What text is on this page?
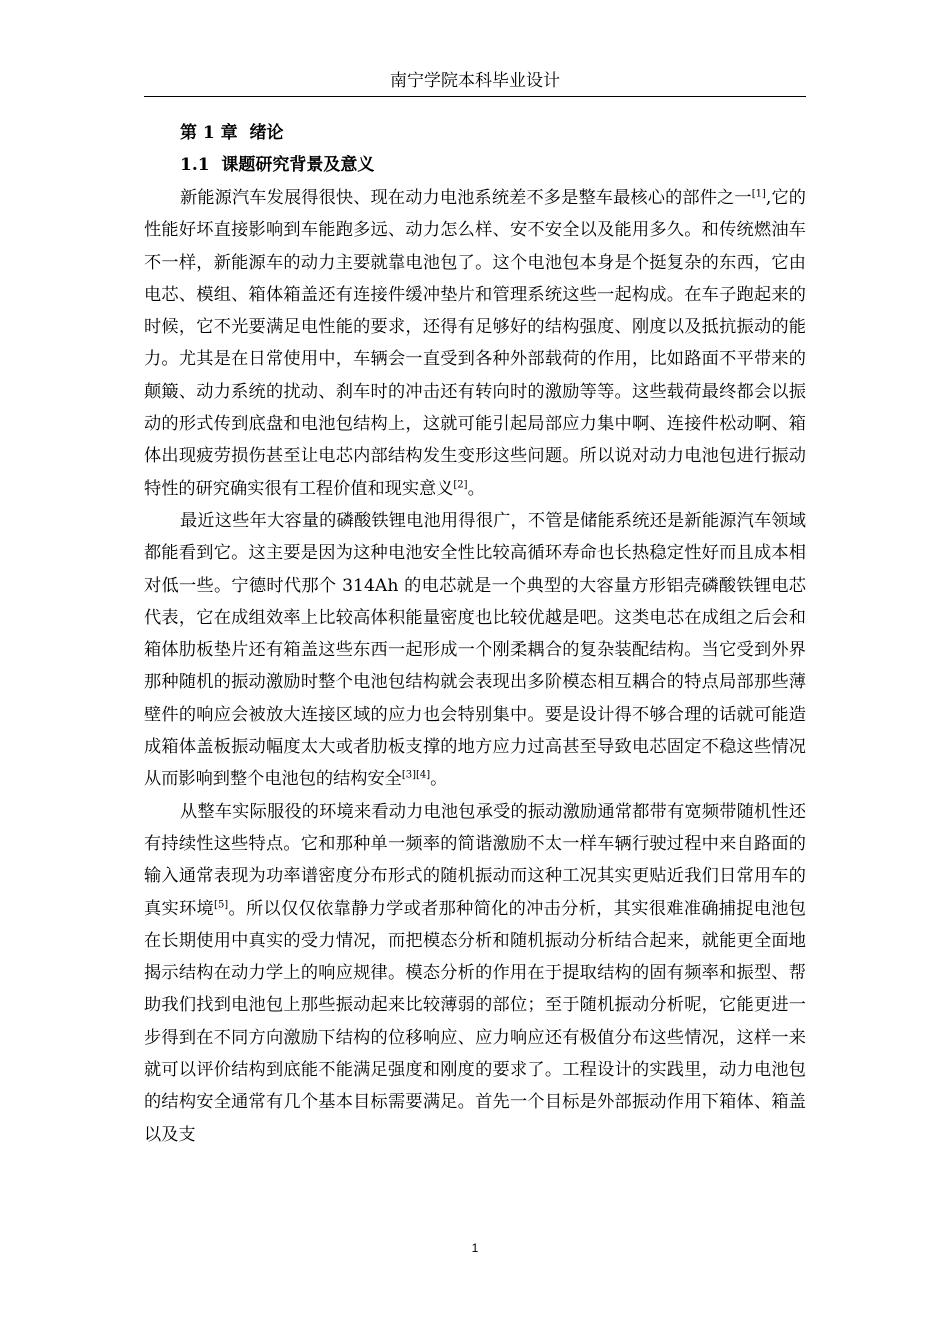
南宁学院本科毕业设计
第 1 章  绪论
1.1  课题研究背景及意义

新能源汽车发展得很快、现在动力电池系统差不多是整车最核心的部件之一[1],它的性能好坏直接影响到车能跑多远、动力怎么样、安不安全以及能用多久。和传统燃油车不一样，新能源车的动力主要就靠电池包了。这个电池包本身是个挺复杂的东西，它由电芯、模组、箱体箱盖还有连接件缓冲垫片和管理系统这些一起构成。在车子跑起来的时候，它不光要满足电性能的要求，还得有足够好的结构强度、刚度以及抵抗振动的能力。尤其是在日常使用中，车辆会一直受到各种外部载荷的作用，比如路面不平带来的颠簸、动力系统的扰动、刹车时的冲击还有转向时的激励等等。这些载荷最终都会以振动的形式传到底盘和电池包结构上，这就可能引起局部应力集中啊、连接件松动啊、箱体出现疲劳损伤甚至让电芯内部结构发生变形这些问题。所以说对动力电池包进行振动特性的研究确实很有工程价值和现实意义[2]。

最近这些年大容量的磷酸铁锂电池用得很广，不管是储能系统还是新能源汽车领域都能看到它。这主要是因为这种电池安全性比较高循环寿命也长热稳定性好而且成本相对低一些。宁德时代那个 314Ah 的电芯就是一个典型的大容量方形铝壳磷酸铁锂电芯代表，它在成组效率上比较高体积能量密度也比较优越是吧。这类电芯在成组之后会和箱体肋板垫片还有箱盖这些东西一起形成一个刚柔耦合的复杂装配结构。当它受到外界那种随机的振动激励时整个电池包结构就会表现出多阶模态相互耦合的特点局部那些薄壁件的响应会被放大连接区域的应力也会特别集中。要是设计得不够合理的话就可能造成箱体盖板振动幅度太大或者肋板支撑的地方应力过高甚至导致电芯固定不稳这些情况从而影响到整个电池包的结构安全[3][4]。

从整车实际服役的环境来看动力电池包承受的振动激励通常都带有宽频带随机性还有持续性这些特点。它和那种单一频率的简谐激励不太一样车辆行驶过程中来自路面的输入通常表现为功率谱密度分布形式的随机振动而这种工况其实更贴近我们日常用车的真实环境[5]。所以仅仅依靠静力学或者那种简化的冲击分析，其实很难准确捕捉电池包在长期使用中真实的受力情况，而把模态分析和随机振动分析结合起来，就能更全面地揭示结构在动力学上的响应规律。模态分析的作用在于提取结构的固有频率和振型、帮助我们找到电池包上那些振动起来比较薄弱的部位；至于随机振动分析呢，它能更进一步得到在不同方向激励下结构的位移响应、应力响应还有极值分布这些情况，这样一来就可以评价结构到底能不能满足强度和刚度的要求了。工程设计的实践里，动力电池包的结构安全通常有几个基本目标需要满足。首先一个目标是外部振动作用下箱体、箱盖以及支

1
